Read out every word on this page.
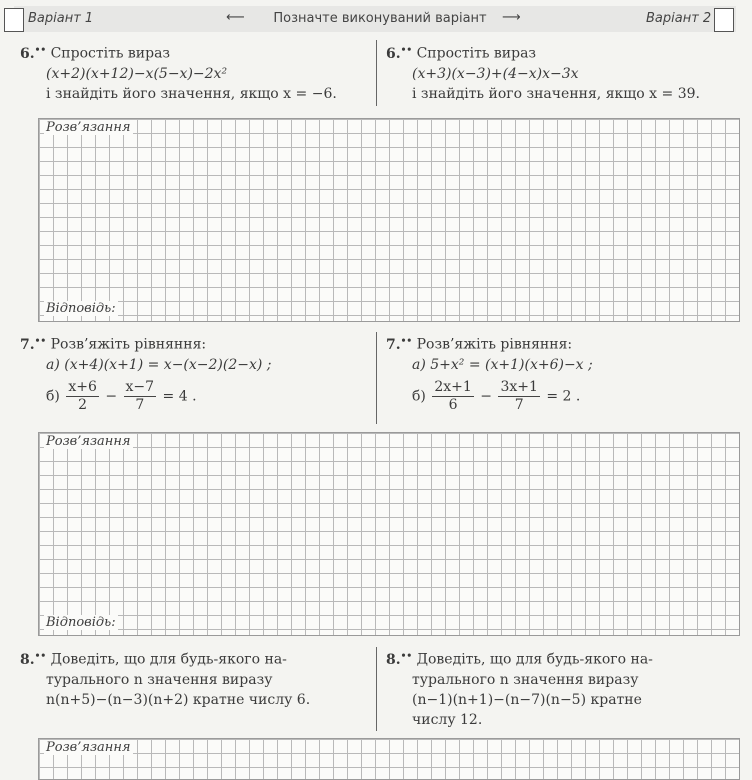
Варіант 1	⟵	Позначте виконуваний варіант	⟶	Варіант 2
6.•• Спростіть вираз
(x+2)(x+12)−x(5−x)−2x²
і знайдіть його значення, якщо x = −6.
6.•• Спростіть вираз
(x+3)(x−3)+(4−x)x−3x
і знайдіть його значення, якщо x = 39.
Розв’язання
Відповідь:
7.•• Розв’яжіть рівняння:
а) (x+4)(x+1) = x−(x−2)(2−x) ;
$б) \frac{x+6}{2} - \frac{x-7}{7} = 4$ .
7.•• Розв’яжіть рівняння:
а) 5+x² = (x+1)(x+6)−x ;
$б) \frac{2x+1}{6} - \frac{3x+1}{7} = 2$ .
Розв’язання
Відповідь:
8.•• Доведіть, що для будь-якого на-
турального n значення виразу
n(n+5)−(n−3)(n+2) кратне числу 6.
8.•• Доведіть, що для будь-якого на-
турального n значення виразу
(n−1)(n+1)−(n−7)(n−5) кратне
числу 12.
Розв’язання
